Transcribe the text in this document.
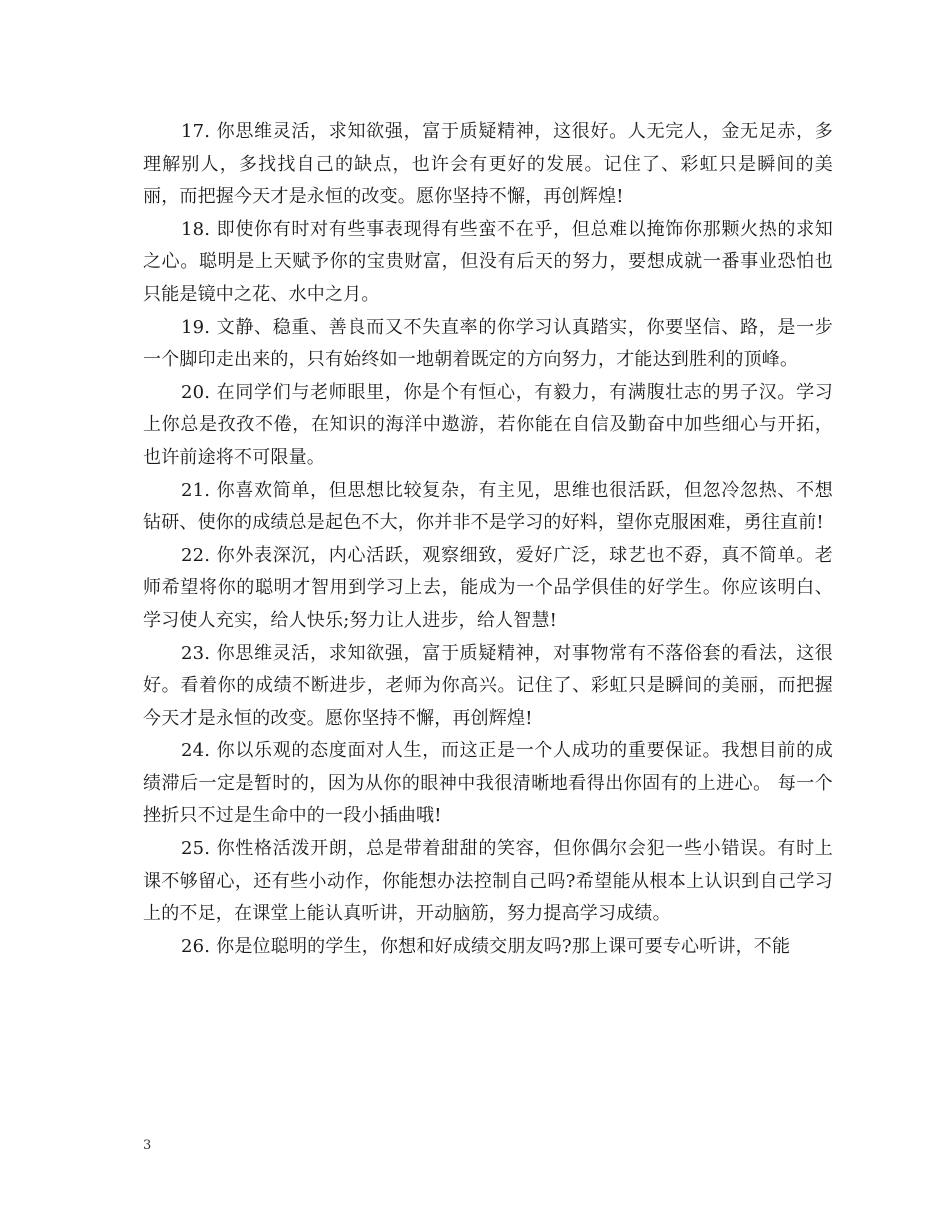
17. 你思维灵活，求知欲强，富于质疑精神，这很好。人无完人，金无足赤，多理解别人，多找找自己的缺点，也许会有更好的发展。记住了、彩虹只是瞬间的美丽，而把握今天才是永恒的改变。愿你坚持不懈，再创辉煌!

18. 即使你有时对有些事表现得有些蛮不在乎，但总难以掩饰你那颗火热的求知之心。聪明是上天赋予你的宝贵财富，但没有后天的努力，要想成就一番事业恐怕也只能是镜中之花、水中之月。

19. 文静、稳重、善良而又不失直率的你学习认真踏实，你要坚信、路，是一步一个脚印走出来的，只有始终如一地朝着既定的方向努力，才能达到胜利的顶峰。

20. 在同学们与老师眼里，你是个有恒心，有毅力，有满腹壮志的男子汉。学习上你总是孜孜不倦，在知识的海洋中遨游，若你能在自信及勤奋中加些细心与开拓，也许前途将不可限量。

21. 你喜欢简单，但思想比较复杂，有主见，思维也很活跃，但忽冷忽热、不想钻研、使你的成绩总是起色不大，你并非不是学习的好料，望你克服困难，勇往直前!

22. 你外表深沉，内心活跃，观察细致，爱好广泛，球艺也不孬，真不简单。老师希望将你的聪明才智用到学习上去，能成为一个品学俱佳的好学生。你应该明白、学习使人充实，给人快乐;努力让人进步，给人智慧!

23. 你思维灵活，求知欲强，富于质疑精神，对事物常有不落俗套的看法，这很好。看着你的成绩不断进步，老师为你高兴。记住了、彩虹只是瞬间的美丽，而把握今天才是永恒的改变。愿你坚持不懈，再创辉煌!

24. 你以乐观的态度面对人生，而这正是一个人成功的重要保证。我想目前的成绩滞后一定是暂时的，因为从你的眼神中我很清晰地看得出你固有的上进心。 每一个挫折只不过是生命中的一段小插曲哦!

25. 你性格活泼开朗，总是带着甜甜的笑容，但你偶尔会犯一些小错误。有时上课不够留心，还有些小动作，你能想办法控制自己吗?希望能从根本上认识到自己学习上的不足，在课堂上能认真听讲，开动脑筋，努力提高学习成绩。

26. 你是位聪明的学生，你想和好成绩交朋友吗?那上课可要专心听讲，不能

3
